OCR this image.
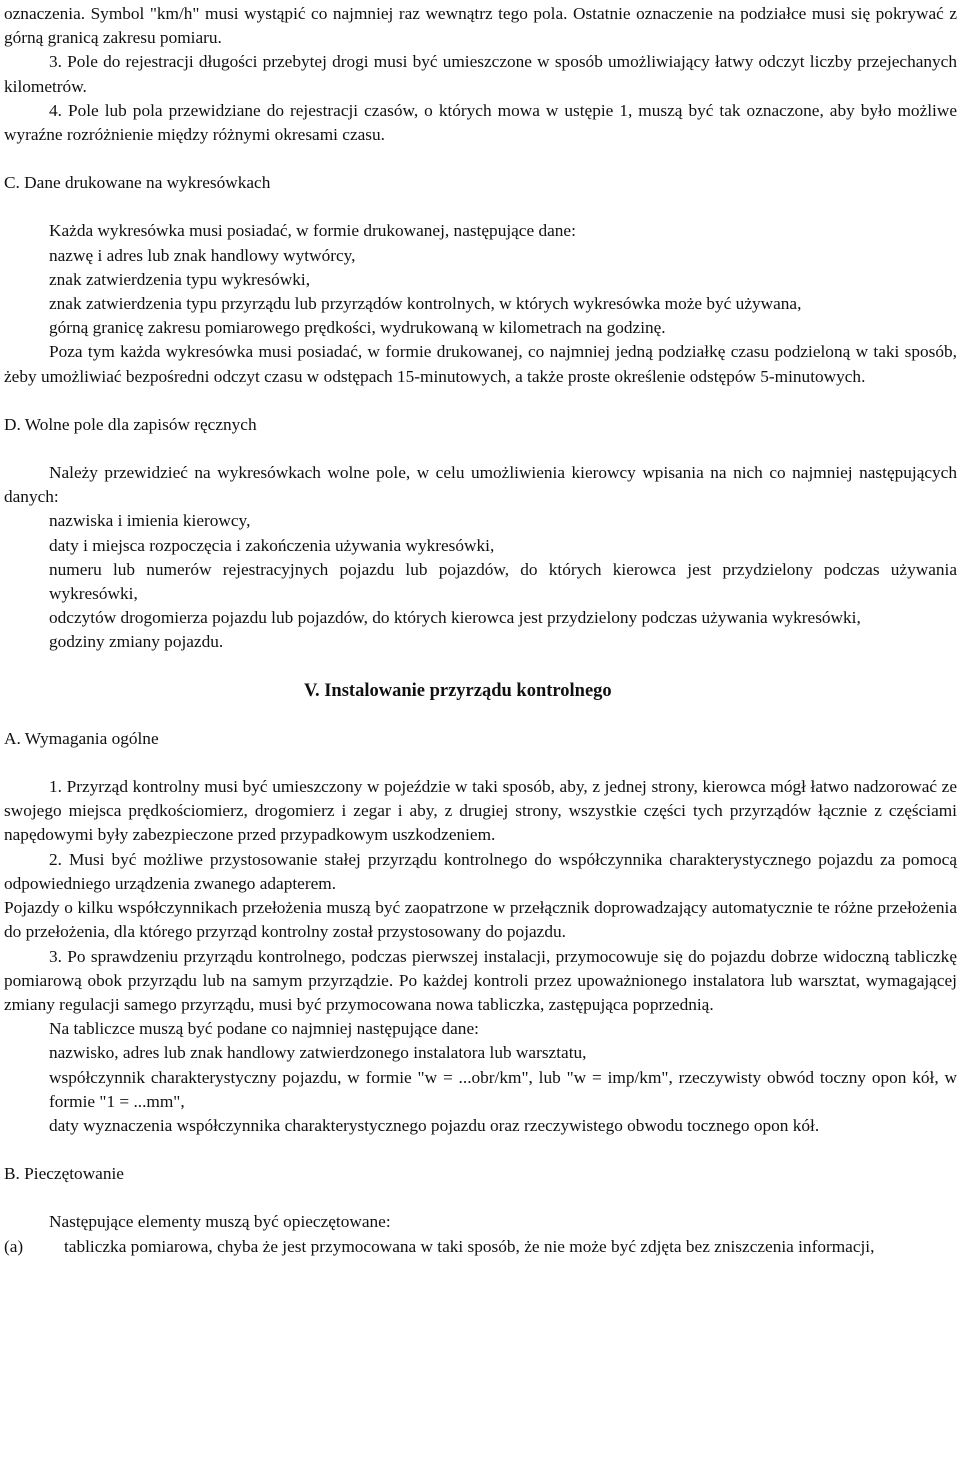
oznaczenia. Symbol "km/h" musi wystąpić co najmniej raz wewnątrz tego pola. Ostatnie oznaczenie na podziałce musi się pokrywać z górną granicą zakresu pomiaru.

3. Pole do rejestracji długości przebytej drogi musi być umieszczone w sposób umożliwiający łatwy odczyt liczby przejechanych kilometrów.

4. Pole lub pola przewidziane do rejestracji czasów, o których mowa w ustępie 1, muszą być tak oznaczone, aby było możliwe wyraźne rozróżnienie między różnymi okresami czasu.

C. Dane drukowane na wykresówkach

Każda wykresówka musi posiadać, w formie drukowanej, następujące dane:

nazwę i adres lub znak handlowy wytwórcy,

znak zatwierdzenia typu wykresówki,

znak zatwierdzenia typu przyrządu lub przyrządów kontrolnych, w których wykresówka może być używana,

górną granicę zakresu pomiarowego prędkości, wydrukowaną w kilometrach na godzinę.

Poza tym każda wykresówka musi posiadać, w formie drukowanej, co najmniej jedną podziałkę czasu podzieloną w taki sposób, żeby umożliwiać bezpośredni odczyt czasu w odstępach 15-minutowych, a także proste określenie odstępów 5-minutowych.

D. Wolne pole dla zapisów ręcznych

Należy przewidzieć na wykresówkach wolne pole, w celu umożliwienia kierowcy wpisania na nich co najmniej następujących danych:

nazwiska i imienia kierowcy,

daty i miejsca rozpoczęcia i zakończenia używania wykresówki,

numeru lub numerów rejestracyjnych pojazdu lub pojazdów, do których kierowca jest przydzielony podczas używania wykresówki,

odczytów drogomierza pojazdu lub pojazdów, do których kierowca jest przydzielony podczas używania wykresówki,

godziny zmiany pojazdu.

V. Instalowanie przyrządu kontrolnego

A. Wymagania ogólne

1. Przyrząd kontrolny musi być umieszczony w pojeździe w taki sposób, aby, z jednej strony, kierowca mógł łatwo nadzorować ze swojego miejsca prędkościomierz, drogomierz i zegar i aby, z drugiej strony, wszystkie części tych przyrządów łącznie z częściami napędowymi były zabezpieczone przed przypadkowym uszkodzeniem.

2. Musi być możliwe przystosowanie stałej przyrządu kontrolnego do współczynnika charakterystycznego pojazdu za pomocą odpowiedniego urządzenia zwanego adapterem.

Pojazdy o kilku współczynnikach przełożenia muszą być zaopatrzone w przełącznik doprowadzający automatycznie te różne przełożenia do przełożenia, dla którego przyrząd kontrolny został przystosowany do pojazdu.

3. Po sprawdzeniu przyrządu kontrolnego, podczas pierwszej instalacji, przymocowuje się do pojazdu dobrze widoczną tabliczkę pomiarową obok przyrządu lub na samym przyrządzie. Po każdej kontroli przez upoważnionego instalatora lub warsztat, wymagającej zmiany regulacji samego przyrządu, musi być przymocowana nowa tabliczka, zastępująca poprzednią.

Na tabliczce muszą być podane co najmniej następujące dane:

nazwisko, adres lub znak handlowy zatwierdzonego instalatora lub warsztatu,

współczynnik charakterystyczny pojazdu, w formie "w = ...obr/km", lub "w = imp/km", rzeczywisty obwód toczny opon kół, w formie "1 = ...mm",

daty wyznaczenia współczynnika charakterystycznego pojazdu oraz rzeczywistego obwodu tocznego opon kół.

B. Pieczętowanie

Następujące elementy muszą być opieczętowane:

(a)	tabliczka pomiarowa, chyba że jest przymocowana w taki sposób, że nie może być zdjęta bez zniszczenia informacji,
